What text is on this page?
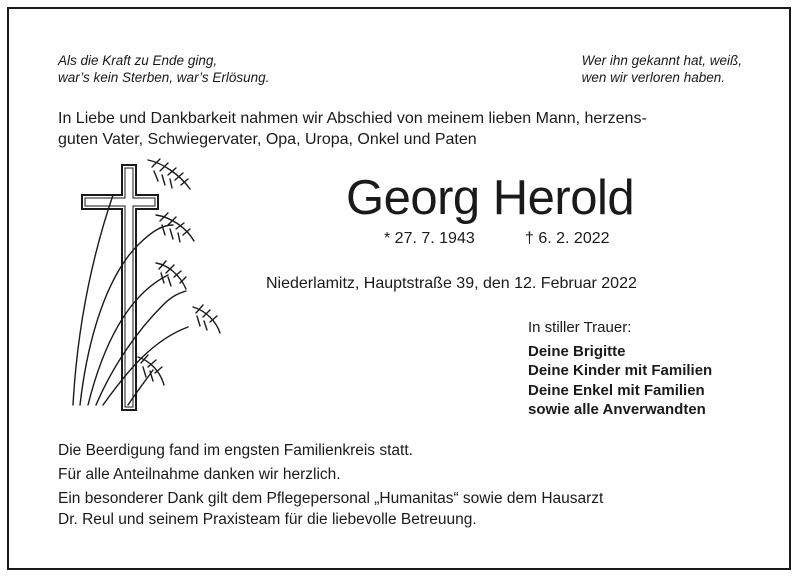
Als die Kraft zu Ende ging,
war’s kein Sterben, war’s Erlösung.
Wer ihn gekannt hat, weiß,
wen wir verloren haben.
In Liebe und Dankbarkeit nahmen wir Abschied von meinem lieben Mann, herzens-
guten Vater, Schwiegervater, Opa, Uropa, Onkel und Paten
Georg Herold
* 27. 7. 1943	† 6. 2. 2022
Niederlamitz, Hauptstraße 39, den 12. Februar 2022
In stiller Trauer:
Deine Brigitte
Deine Kinder mit Familien
Deine Enkel mit Familien
sowie alle Anverwandten
Die Beerdigung fand im engsten Familienkreis statt.
Für alle Anteilnahme danken wir herzlich.
Ein besonderer Dank gilt dem Pflegepersonal „Humanitas“ sowie dem Hausarzt
Dr. Reul und seinem Praxisteam für die liebevolle Betreuung.
